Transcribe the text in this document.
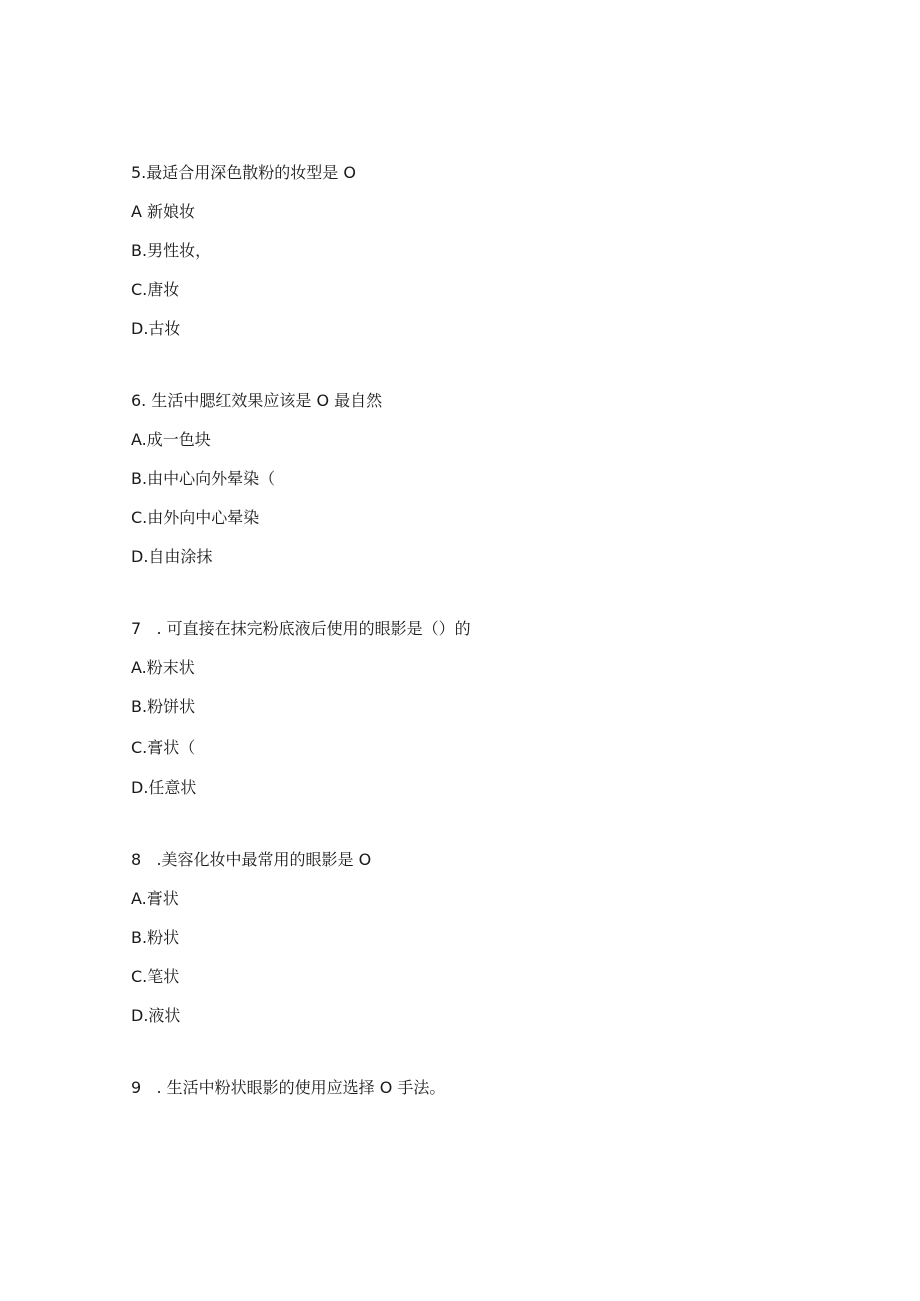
5.最适合用深色散粉的妆型是 O
A 新娘妆
B.男性妆，
C.唐妆
D.古妆
6. 生活中腮红效果应该是 O 最自然
A.成一色块
B.由中心向外晕染（
C.由外向中心晕染
D.自由涂抹
7   . 可直接在抹完粉底液后使用的眼影是（）的
A.粉末状
B.粉饼状
C.膏状（
D.任意状
8   .美容化妆中最常用的眼影是 O
A.膏状
B.粉状
C.笔状
D.液状
9   . 生活中粉状眼影的使用应选择 O 手法。
